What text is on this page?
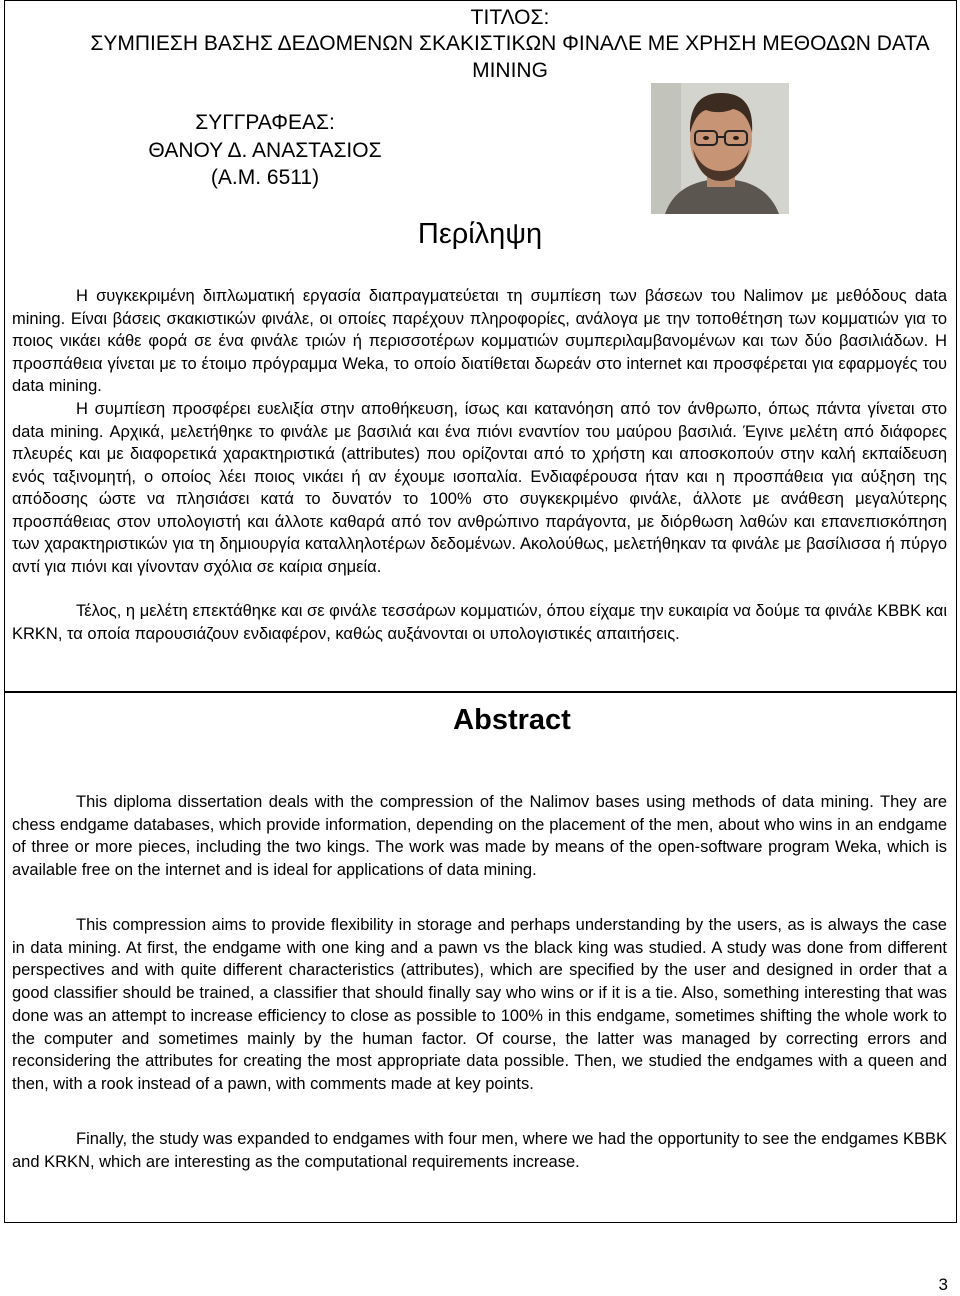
ΤΙΤΛΟΣ:
ΣΥΜΠΙΕΣΗ ΒΑΣΗΣ ΔΕΔΟΜΕΝΩΝ ΣΚΑΚΙΣΤΙΚΩΝ ΦΙΝΑΛΕ ΜΕ ΧΡΗΣΗ ΜΕΘΟΔΩΝ DATA
MINING
ΣΥΓΓΡΑΦΕΑΣ:
ΘΑΝΟΥ Δ. ΑΝΑΣΤΑΣΙΟΣ
(Α.Μ. 6511)
Περίληψη

Η συγκεκριμένη διπλωματική εργασία διαπραγματεύεται τη συμπίεση των βάσεων του Nalimov με μεθόδους data mining. Είναι βάσεις σκακιστικών φινάλε, οι οποίες παρέχουν πληροφορίες, ανάλογα με την τοποθέτηση των κομματιών για το ποιος νικάει κάθε φορά σε ένα φινάλε τριών ή περισσοτέρων κομματιών συμπεριλαμβανομένων και των δύο βασιλιάδων. Η προσπάθεια γίνεται με το έτοιμο πρόγραμμα Weka, το οποίο διατίθεται δωρεάν στο internet και προσφέρεται για εφαρμογές του data mining.

Η συμπίεση προσφέρει ευελιξία στην αποθήκευση, ίσως και κατανόηση από τον άνθρωπο, όπως πάντα γίνεται στο data mining. Αρχικά, μελετήθηκε το φινάλε με βασιλιά και ένα πιόνι εναντίον του μαύρου βασιλιά. Έγινε μελέτη από διάφορες πλευρές και με διαφορετικά χαρακτηριστικά (attributes) που ορίζονται από το χρήστη και αποσκοπούν στην καλή εκπαίδευση ενός ταξινομητή, ο οποίος λέει ποιος νικάει ή αν έχουμε ισοπαλία. Ενδιαφέρουσα ήταν και η προσπάθεια για αύξηση της απόδοσης ώστε να πλησιάσει κατά το δυνατόν το 100% στο συγκεκριμένο φινάλε, άλλοτε με ανάθεση μεγαλύτερης προσπάθειας στον υπολογιστή και άλλοτε καθαρά από τον ανθρώπινο παράγοντα, με διόρθωση λαθών και επανεπισκόπηση των χαρακτηριστικών για τη δημιουργία καταλληλοτέρων δεδομένων. Ακολούθως, μελετήθηκαν τα φινάλε με βασίλισσα ή πύργο αντί για πιόνι και γίνονταν σχόλια σε καίρια σημεία.

Τέλος, η μελέτη επεκτάθηκε και σε φινάλε τεσσάρων κομματιών, όπου είχαμε την ευκαιρία να δούμε τα φινάλε KBBK και KRKN, τα οποία παρουσιάζουν ενδιαφέρον, καθώς αυξάνονται οι υπολογιστικές απαιτήσεις.

Abstract

This diploma dissertation deals with the compression of the Nalimov bases using methods of data mining. They are chess endgame databases, which provide information, depending on the placement of the men, about who wins in an endgame of three or more pieces, including the two kings. The work was made by means of the open-software program Weka, which is available free on the internet and is ideal for applications of data mining.

This compression aims to provide flexibility in storage and perhaps understanding by the users, as is always the case in data mining. At first, the endgame with one king and a pawn vs the black king was studied. A study was done from different perspectives and with quite different characteristics (attributes), which are specified by the user and designed in order that a good classifier should be trained, a classifier that should finally say who wins or if it is a tie. Also, something interesting that was done was an attempt to increase efficiency to close as possible to 100% in this endgame, sometimes shifting the whole work to the computer and sometimes mainly by the human factor. Of course, the latter was managed by correcting errors and reconsidering the attributes for creating the most appropriate data possible. Then, we studied the endgames with a queen and then, with a rook instead of a pawn, with comments made at key points.

Finally, the study was expanded to endgames with four men, where we had the opportunity to see the endgames KBBK and KRKN, which are interesting as the computational requirements increase.

3
